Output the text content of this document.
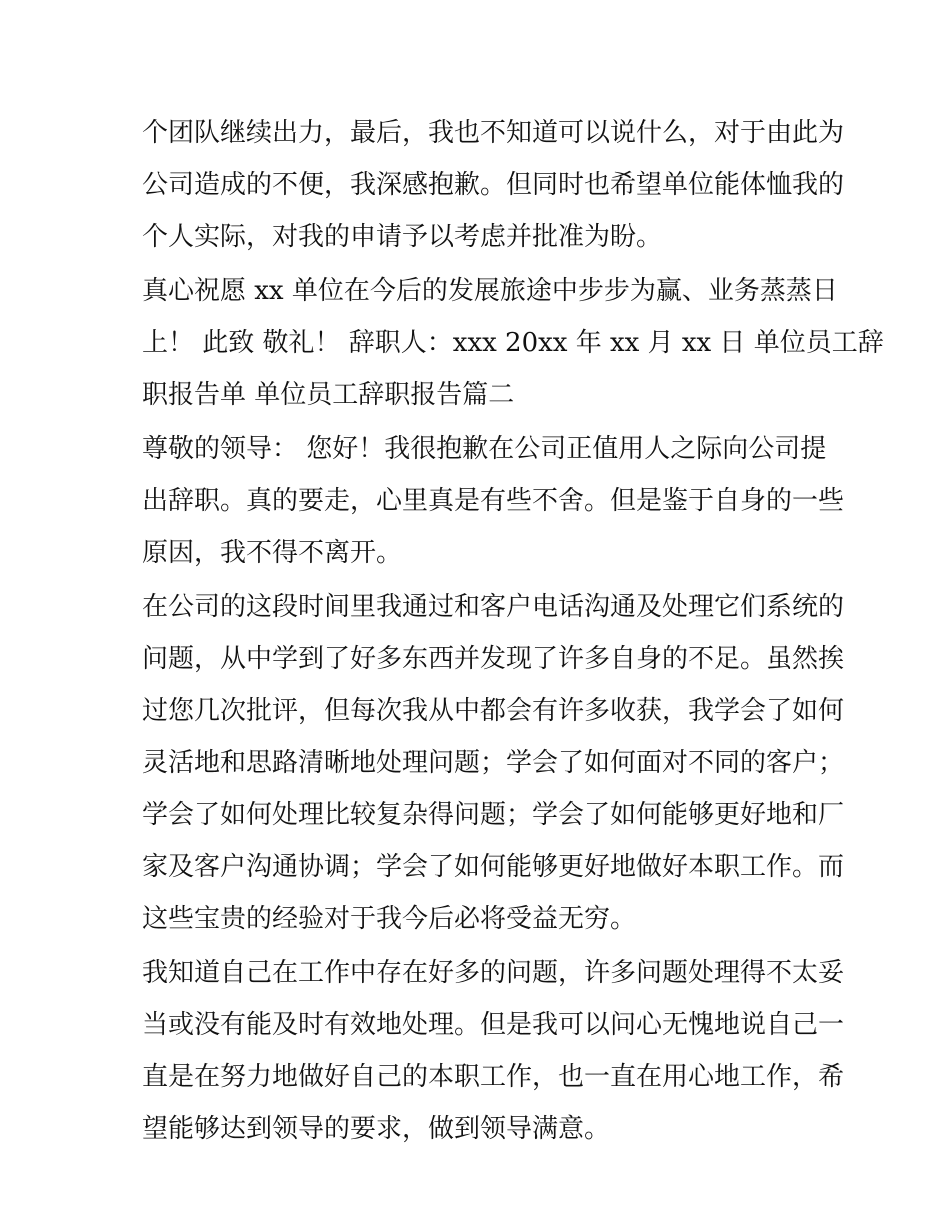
个团队继续出力，最后，我也不知道可以说什么，对于由此为
公司造成的不便，我深感抱歉。但同时也希望单位能体恤我的
个人实际，对我的申请予以考虑并批准为盼。
真心祝愿 xx 单位在今后的发展旅途中步步为赢、业务蒸蒸日
上！ 此致 敬礼！ 辞职人：xxx 20xx 年 xx 月 xx 日 单位员工辞
职报告单 单位员工辞职报告篇二
尊敬的领导： 您好！我很抱歉在公司正值用人之际向公司提
出辞职。真的要走，心里真是有些不舍。但是鉴于自身的一些
原因，我不得不离开。
在公司的这段时间里我通过和客户电话沟通及处理它们系统的
问题，从中学到了好多东西并发现了许多自身的不足。虽然挨
过您几次批评，但每次我从中都会有许多收获，我学会了如何
灵活地和思路清晰地处理问题；学会了如何面对不同的客户；
学会了如何处理比较复杂得问题；学会了如何能够更好地和厂
家及客户沟通协调；学会了如何能够更好地做好本职工作。而
这些宝贵的经验对于我今后必将受益无穷。
我知道自己在工作中存在好多的问题，许多问题处理得不太妥
当或没有能及时有效地处理。但是我可以问心无愧地说自己一
直是在努力地做好自己的本职工作，也一直在用心地工作，希
望能够达到领导的要求，做到领导满意。
